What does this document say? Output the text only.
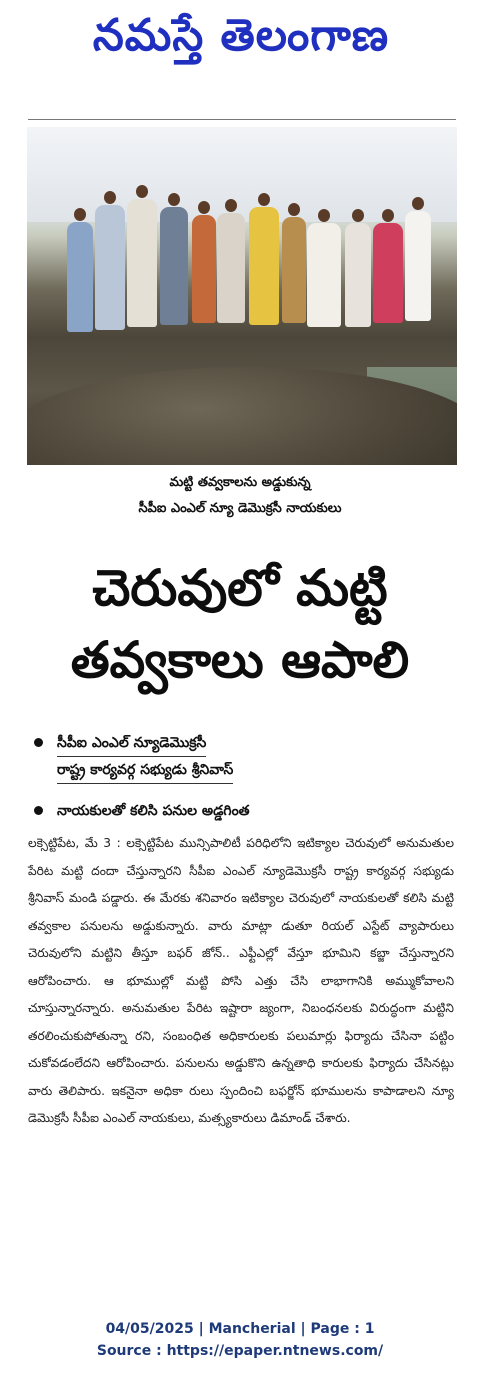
నమస్తే తెలంగాణ
మట్టి తవ్వకాలను అడ్డుకున్న
సీపీఐ ఎంఎల్ న్యూ డెమొక్రసీ నాయకులు
చెరువులో మట్టి
తవ్వకాలు ఆపాలి
సీపీఐ ఎంఎల్ న్యూడెమొక్రసీ
రాష్ట్ర కార్యవర్గ సభ్యుడు శ్రీనివాస్
నాయకులతో కలిసి పనుల అడ్డగింత
లక్సెట్టిపేట, మే 3 : లక్సెట్టిపేట మున్సిపాలిటీ పరిధిలోని ఇటిక్యాల చెరువులో అనుమతుల పేరిట మట్టి దందా చేస్తున్నారని సీపీఐ ఎంఎల్ న్యూడెమొక్రసీ రాష్ట్ర కార్యవర్గ సభ్యుడు శ్రీనివాస్ మండి పడ్డారు. ఈ మేరకు శనివారం ఇటిక్యాల చెరువులో నాయకులతో కలిసి మట్టి తవ్వకాల పనులను అడ్డుకున్నారు. వారు మాట్లా డుతూ రియల్ ఎస్టేట్ వ్యాపారులు చెరువులోని మట్టిని తీస్తూ బఫర్ జోన్.. ఎఫ్టీఎల్లో వేస్తూ భూమిని కబ్జా చేస్తున్నారని ఆరోపించారు. ఆ భూముల్లో మట్టి పోసి ఎత్తు చేసి లాభాగానికి అమ్ముకోవాలని చూస్తున్నారన్నారు. అనుమతుల పేరిట ఇష్టారా జ్యంగా, నిబంధనలకు విరుద్ధంగా మట్టిని తరలించుకుపోతున్నా రని, సంబంధిత అధికారులకు పలుమార్లు ఫిర్యాదు చేసినా పట్టిం చుకోవడంలేదని ఆరోపించారు. పనులను అడ్డుకొని ఉన్నతాధి కారులకు ఫిర్యాదు చేసినట్లు వారు తెలిపారు. ఇకనైనా అధికా రులు స్పందించి బఫర్జోన్ భూములను కాపాడాలని న్యూ డెమొక్రసీ సీపీఐ ఎంఎల్ నాయకులు, మత్స్యకారులు డిమాండ్ చేశారు.
04/05/2025 | Mancherial | Page : 1
Source : https://epaper.ntnews.com/
